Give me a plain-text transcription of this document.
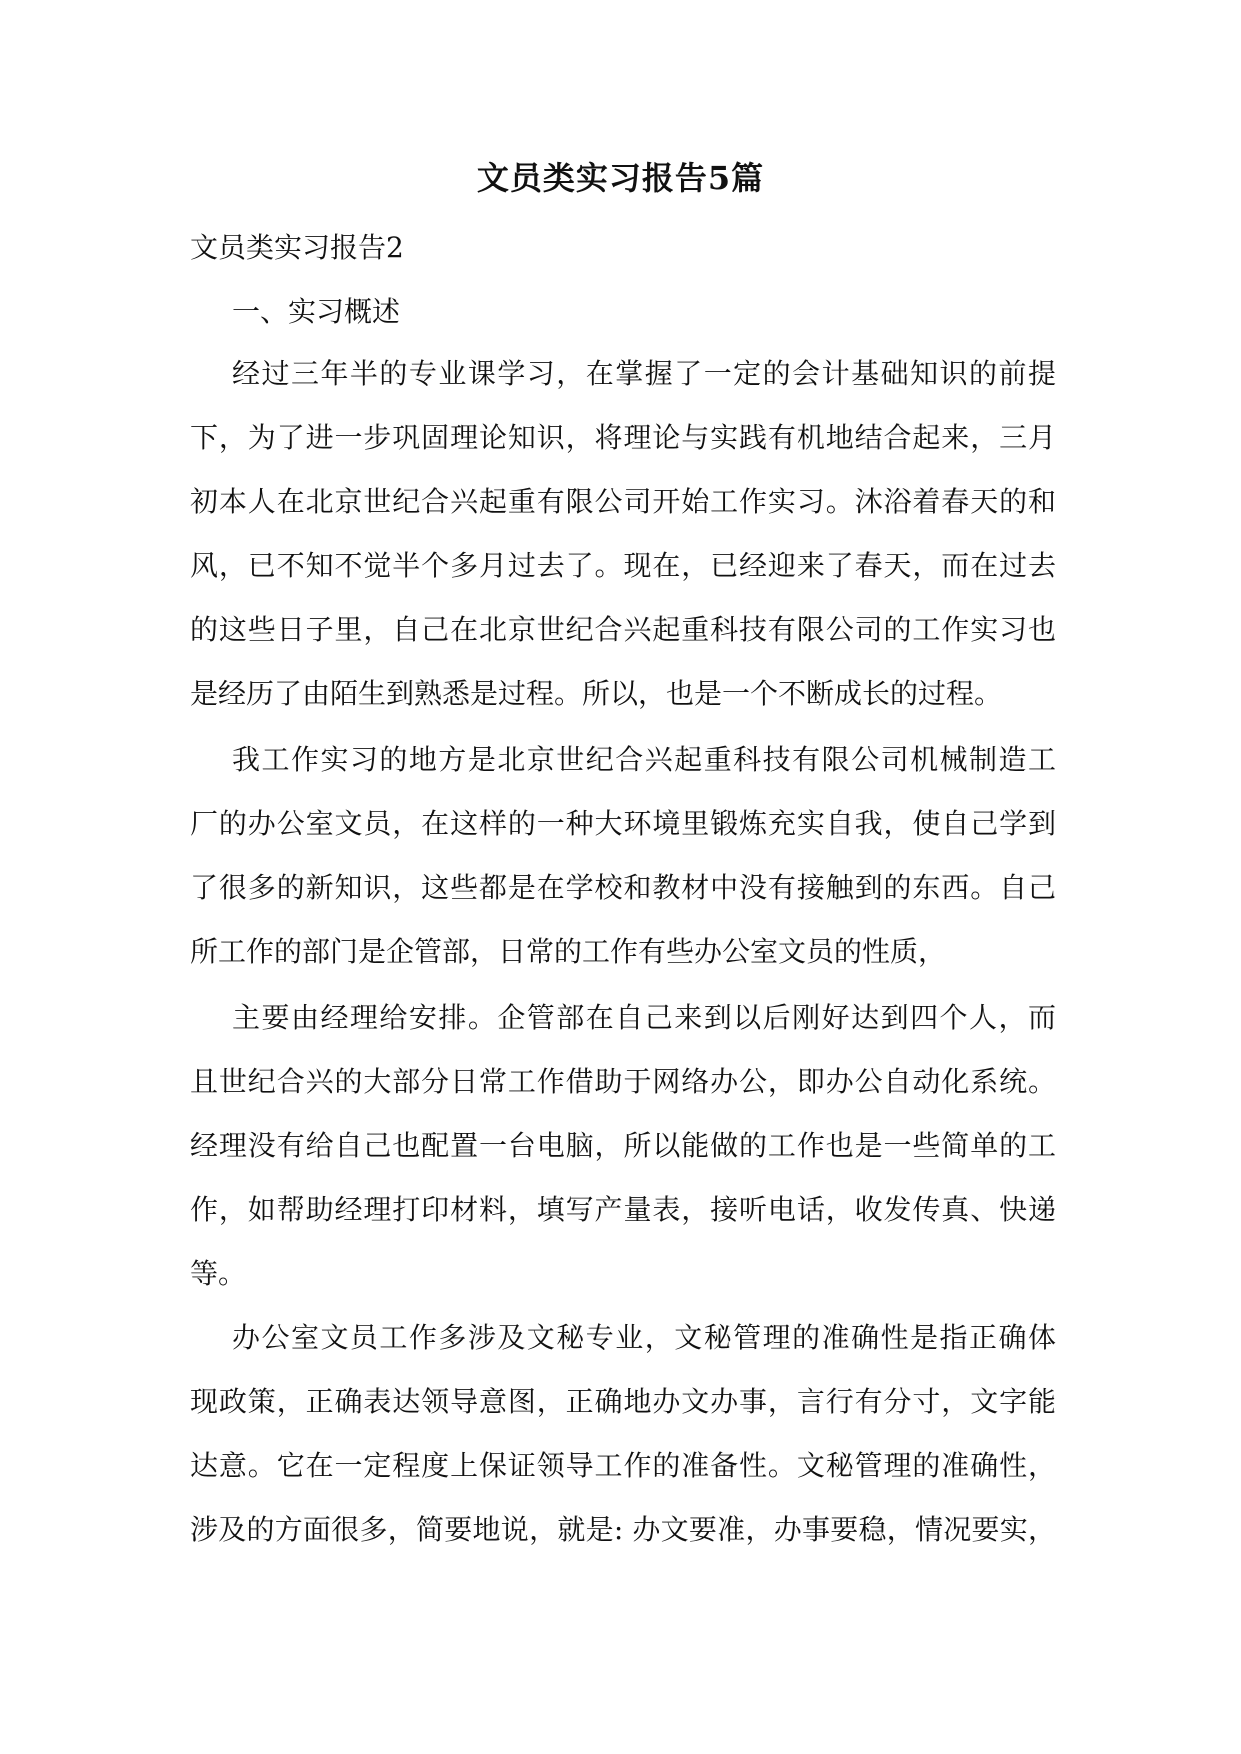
文员类实习报告5篇
文员类实习报告2
一、实习概述
经过三年半的专业课学习，在掌握了一定的会计基础知识的前提
下，为了进一步巩固理论知识，将理论与实践有机地结合起来，三月
初本人在北京世纪合兴起重有限公司开始工作实习。沐浴着春天的和
风，已不知不觉半个多月过去了。现在，已经迎来了春天，而在过去
的这些日子里，自己在北京世纪合兴起重科技有限公司的工作实习也
是经历了由陌生到熟悉是过程。所以，也是一个不断成长的过程。
我工作实习的地方是北京世纪合兴起重科技有限公司机械制造工
厂的办公室文员，在这样的一种大环境里锻炼充实自我，使自己学到
了很多的新知识，这些都是在学校和教材中没有接触到的东西。自己
所工作的部门是企管部，日常的工作有些办公室文员的性质，
主要由经理给安排。企管部在自己来到以后刚好达到四个人，而
且世纪合兴的大部分日常工作借助于网络办公，即办公自动化系统。
经理没有给自己也配置一台电脑，所以能做的工作也是一些简单的工
作，如帮助经理打印材料，填写产量表，接听电话，收发传真、快递
等。
办公室文员工作多涉及文秘专业，文秘管理的准确性是指正确体
现政策，正确表达领导意图，正确地办文办事，言行有分寸，文字能
达意。它在一定程度上保证领导工作的准备性。文秘管理的准确性，
涉及的方面很多，简要地说，就是: 办文要准，办事要稳，情况要实，
